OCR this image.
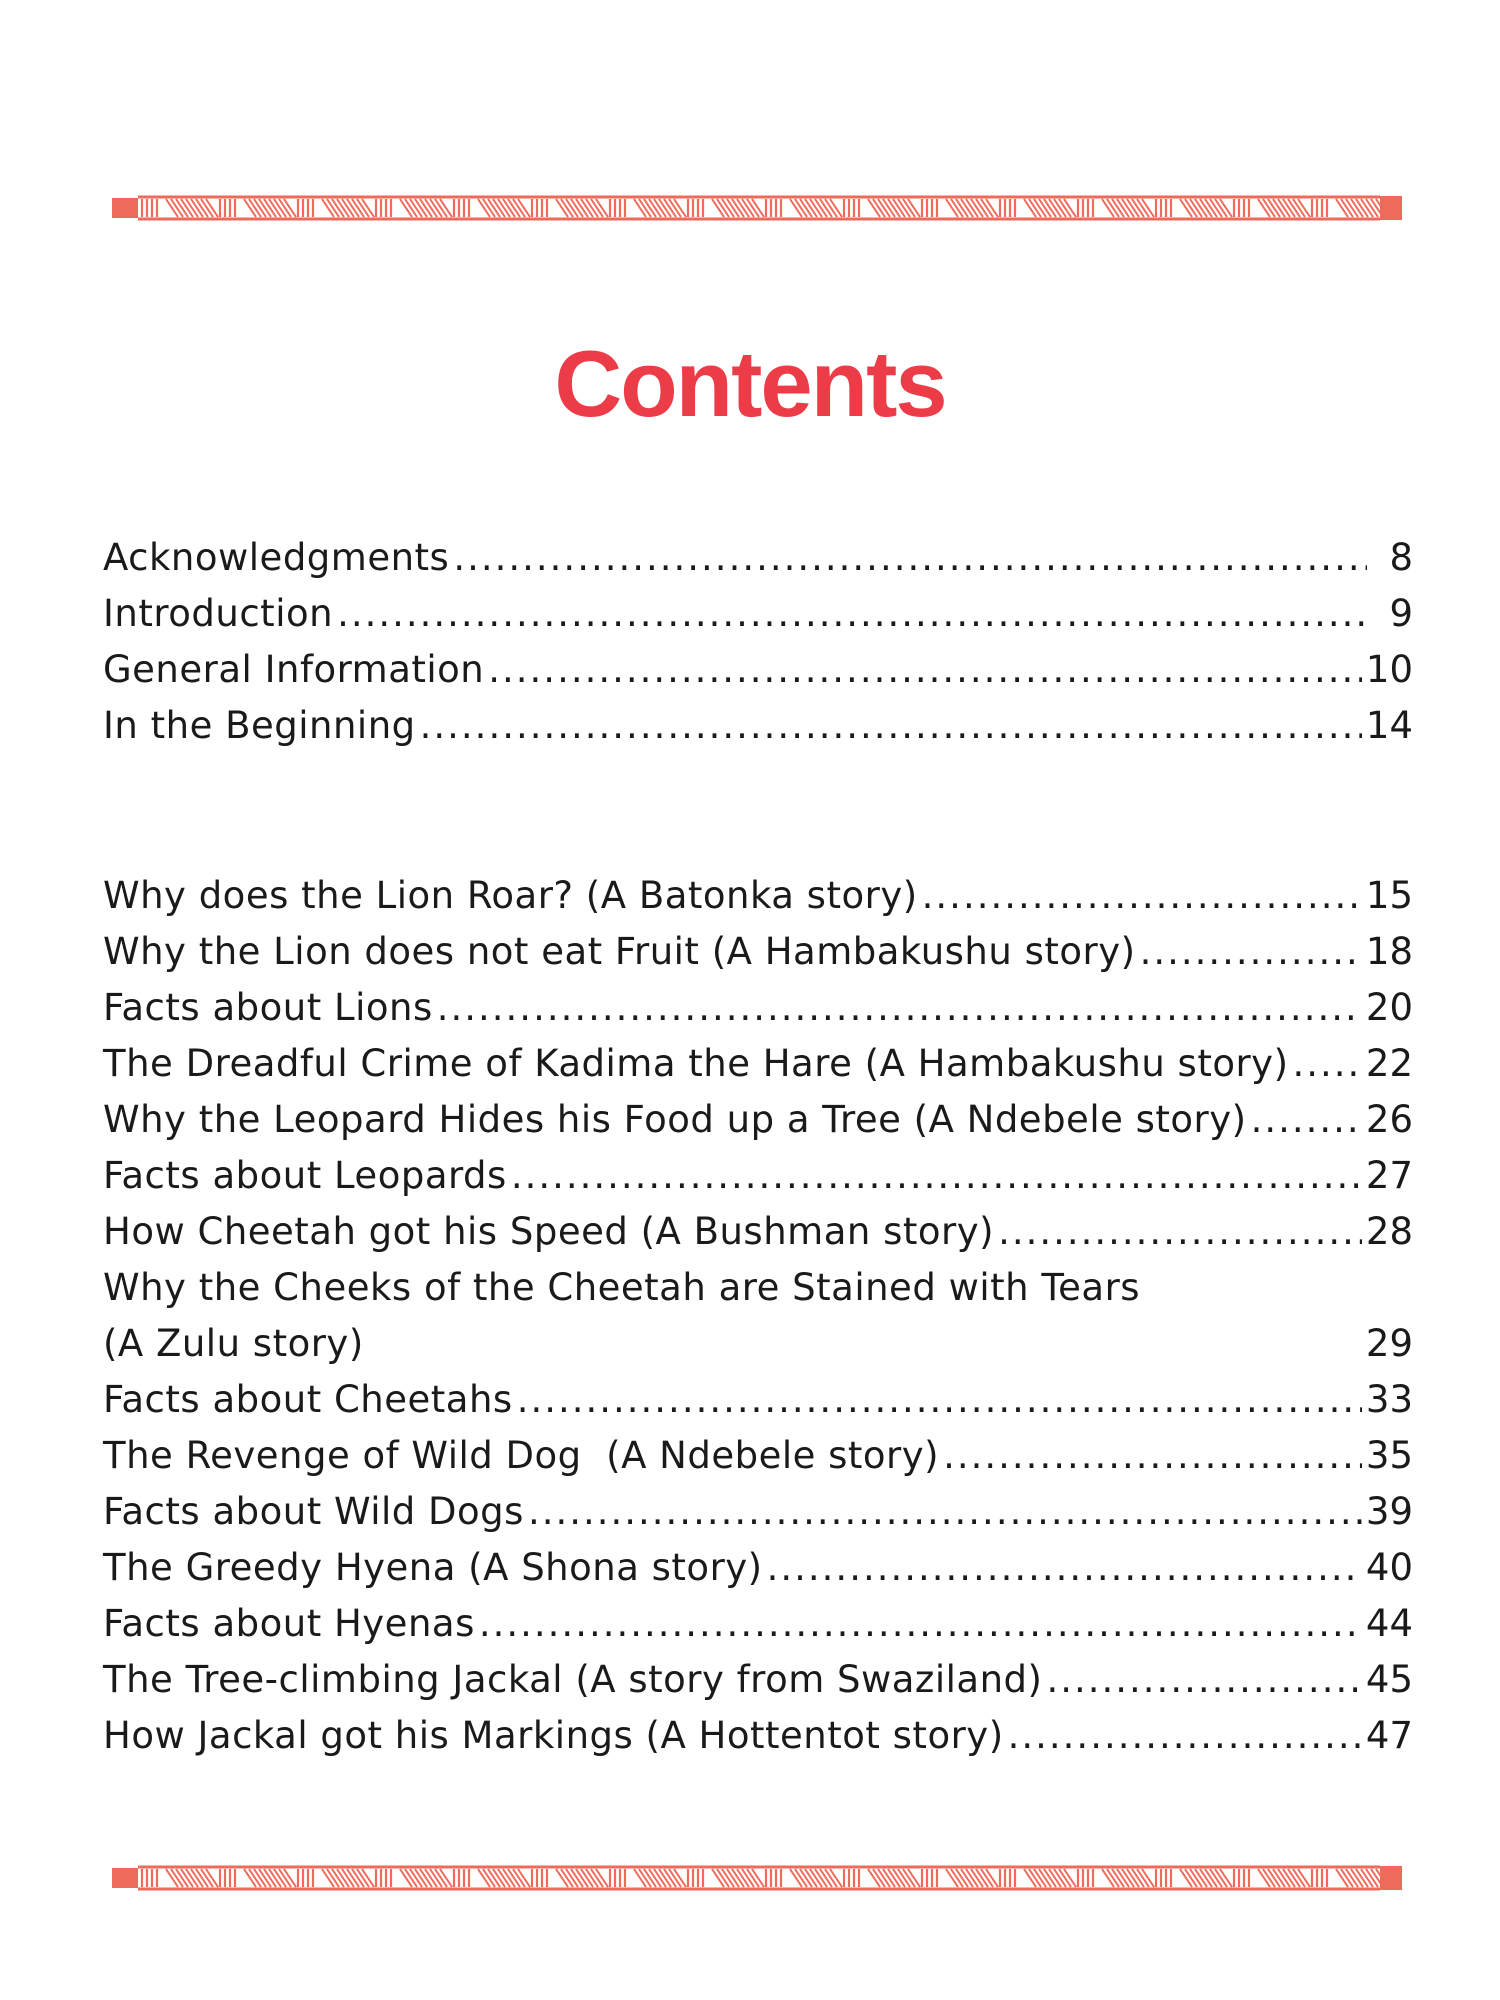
Contents
Acknowledgments .....	8
Introduction .....	9
General Information .....	10
In the Beginning .....	14
Why does the Lion Roar? (A Batonka story) .....	15
Why the Lion does not eat Fruit (A Hambakushu story) .....	18
Facts about Lions .....	20
The Dreadful Crime of Kadima the Hare (A Hambakushu story) ..... 22
Why the Leopard Hides his Food up a Tree (A Ndebele story) .....	26
Facts about Leopards .....	27
How Cheetah got his Speed (A Bushman story) .....	28
Why the Cheeks of the Cheetah are Stained with Tears
(A Zulu story)	29
Facts about Cheetahs .....	33
The Revenge of Wild Dog  (A Ndebele story) .....	35
Facts about Wild Dogs .....	39
The Greedy Hyena (A Shona story) .....	40
Facts about Hyenas .....	44
The Tree-climbing Jackal (A story from Swaziland) .....	45
How Jackal got his Markings (A Hottentot story) .....	47
